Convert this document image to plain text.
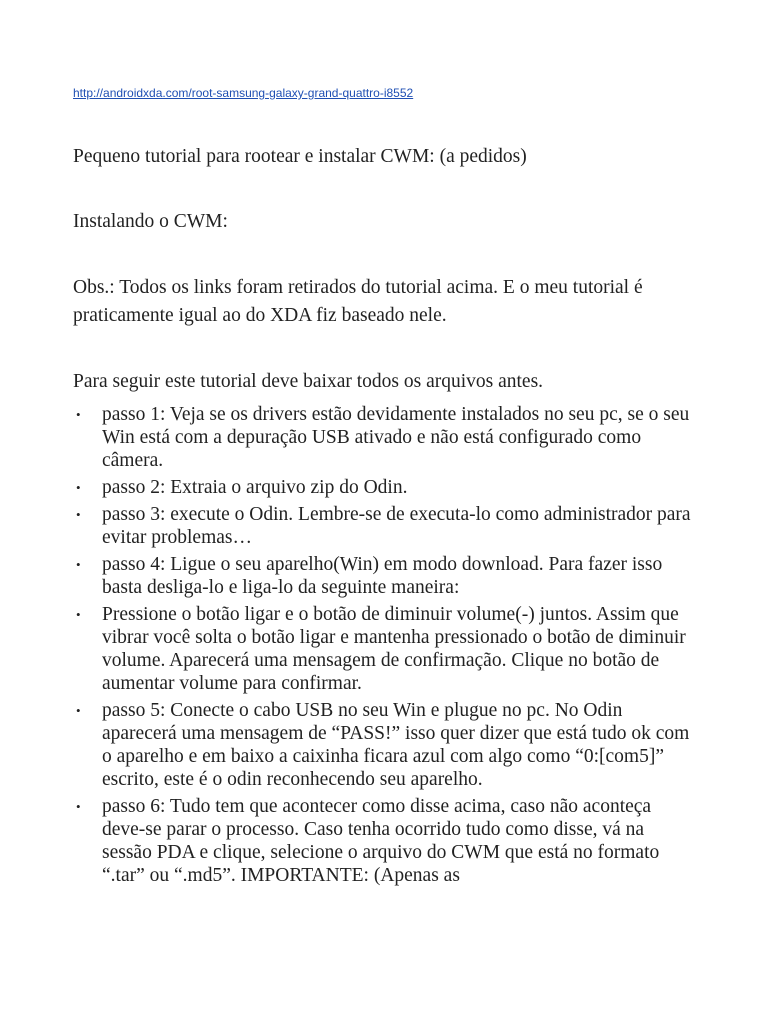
http://androidxda.com/root-samsung-galaxy-grand-quattro-i8552

Pequeno tutorial para rootear e instalar CWM: (a pedidos)

Instalando o CWM:

Obs.: Todos os links foram retirados do tutorial acima. E o meu tutorial é praticamente igual ao do XDA fiz baseado nele.

Para seguir este tutorial deve baixar todos os arquivos antes.

• passo 1: Veja se os drivers estão devidamente instalados no seu pc, se o seu Win está com a depuração USB ativado e não está configurado como câmera.
• passo 2: Extraia o arquivo zip do Odin.
• passo 3: execute o Odin. Lembre-se de executa-lo como administrador para evitar problemas…
• passo 4: Ligue o seu aparelho(Win) em modo download. Para fazer isso basta desliga-lo e liga-lo da seguinte maneira:
• Pressione o botão ligar e o botão de diminuir volume(-) juntos. Assim que vibrar você solta o botão ligar e mantenha pressionado o botão de diminuir volume. Aparecerá uma mensagem de confirmação. Clique no botão de aumentar volume para confirmar.
• passo 5: Conecte o cabo USB no seu Win e plugue no pc. No Odin aparecerá uma mensagem de “PASS!” isso quer dizer que está tudo ok com o aparelho e em baixo a caixinha ficara azul com algo como “0:[com5]” escrito, este é o odin reconhecendo seu aparelho.
• passo 6: Tudo tem que acontecer como disse acima, caso não aconteça deve-se parar o processo. Caso tenha ocorrido tudo como disse, vá na sessão PDA e clique, selecione o arquivo do CWM que está no formato “.tar” ou “.md5”. IMPORTANTE: (Apenas as
